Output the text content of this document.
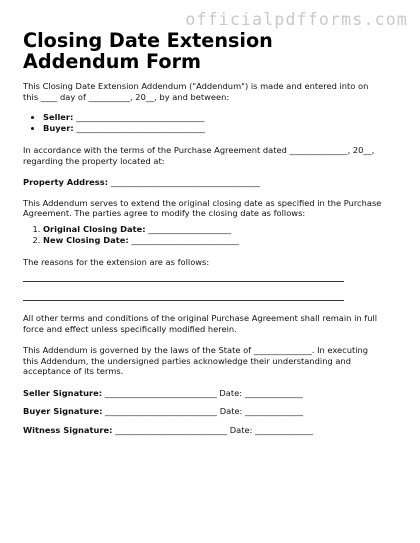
officialpdfforms.com
Closing Date Extension Addendum Form

This Closing Date Extension Addendum ("Addendum") is made and entered into on this ____ day of __________, 20__, by and between:

• Seller: _______________________________
• Buyer: _______________________________

In accordance with the terms of the Purchase Agreement dated ______________, 20__, regarding the property located at:

Property Address: ____________________________________

This Addendum serves to extend the original closing date as specified in the Purchase Agreement. The parties agree to modify the closing date as follows:

1. Original Closing Date: ____________________
2. New Closing Date: __________________________

The reasons for the extension are as follows:

All other terms and conditions of the original Purchase Agreement shall remain in full force and effect unless specifically modified herein.

This Addendum is governed by the laws of the State of ______________. In executing this Addendum, the undersigned parties acknowledge their understanding and acceptance of its terms.

Seller Signature: ___________________________ Date: ______________

Buyer Signature: ___________________________ Date: ______________

Witness Signature: ___________________________ Date: ______________
